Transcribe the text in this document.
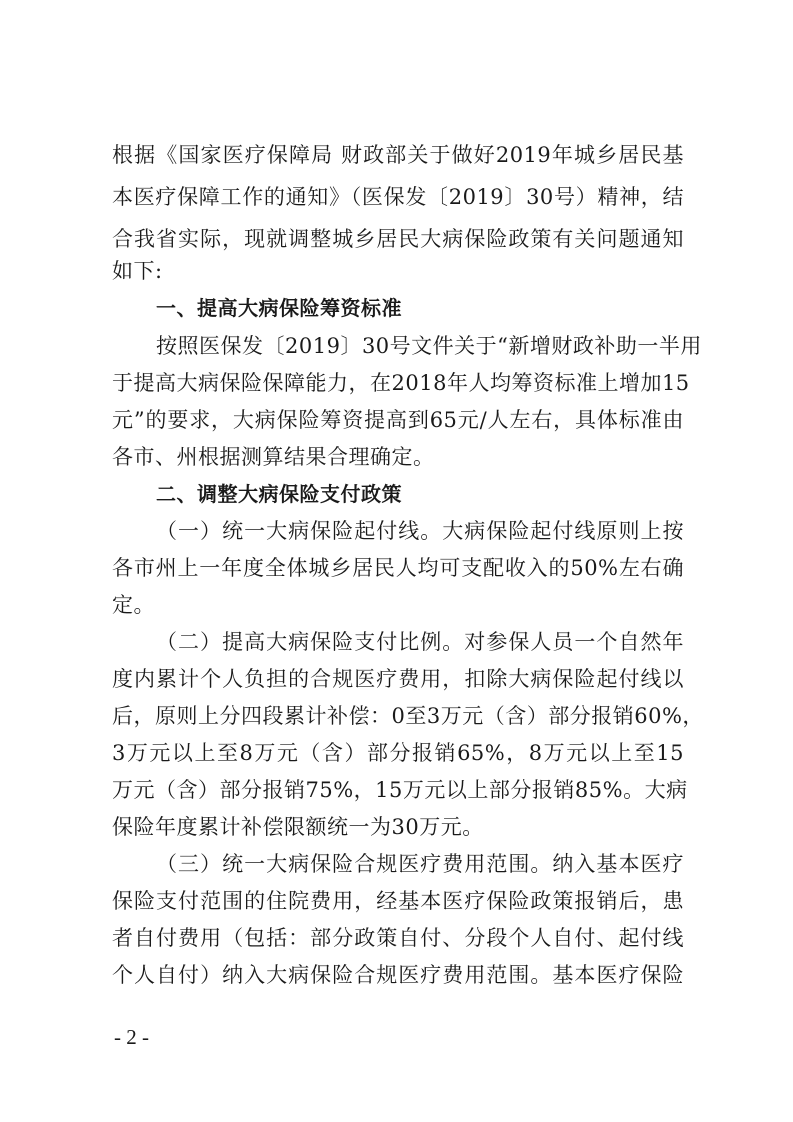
根据《国家医疗保障局 财政部关于做好2019年城乡居民基
本医疗保障工作的通知》（医保发〔2019〕30号）精神，结
合我省实际，现就调整城乡居民大病保险政策有关问题通知
如下:
一、提高大病保险筹资标准
按照医保发〔2019〕30号文件关于“新增财政补助一半用
于提高大病保险保障能力，在2018年人均筹资标准上增加15
元”的要求，大病保险筹资提高到65元/人左右，具体标准由
各市、州根据测算结果合理确定。
二、调整大病保险支付政策
（一）统一大病保险起付线。大病保险起付线原则上按
各市州上一年度全体城乡居民人均可支配收入的50%左右确
定。
（二）提高大病保险支付比例。对参保人员一个自然年
度内累计个人负担的合规医疗费用，扣除大病保险起付线以
后，原则上分四段累计补偿：0至3万元（含）部分报销60%，
3万元以上至8万元（含）部分报销65%，8万元以上至15
万元（含）部分报销75%，15万元以上部分报销85%。大病
保险年度累计补偿限额统一为30万元。
（三）统一大病保险合规医疗费用范围。纳入基本医疗
保险支付范围的住院费用，经基本医疗保险政策报销后，患
者自付费用（包括：部分政策自付、分段个人自付、起付线
个人自付）纳入大病保险合规医疗费用范围。基本医疗保险
- 2 -
